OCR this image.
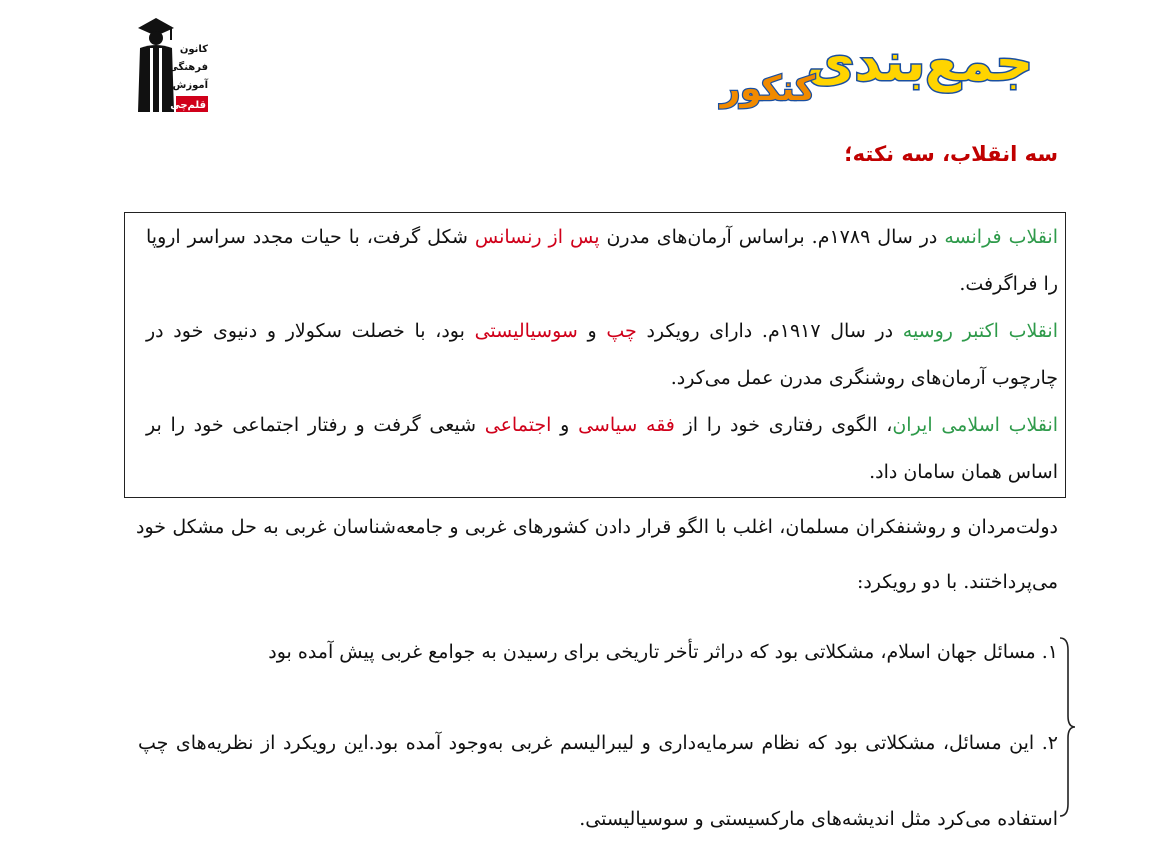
کانون
فرهنگی
آموزش
قلم‌چی
جمع‌بندی
کنکور
سه انقلاب، سه نکته؛

انقلاب فرانسه در سال ۱۷۸۹م. براساس آرمان‌های مدرن پس از رنسانس شکل گرفت، با حیات مجدد سراسر اروپا را فراگرفت.

انقلاب اکتبر روسیه در سال ۱۹۱۷م. دارای رویکرد چپ و سوسیالیستی بود، با خصلت سکولار و دنیوی خود در چارچوب آرمان‌های روشنگری مدرن عمل می‌کرد.

انقلاب اسلامی ایران، الگوی رفتاری خود را از فقه سیاسی و اجتماعی شیعی گرفت و رفتار اجتماعی خود را بر اساس همان سامان داد.

دولت‌مردان و روشنفکران مسلمان، اغلب با الگو قرار دادن کشورهای غربی و جامعه‌شناسان غربی به حل مشکل خود می‌پرداختند. با دو رویکرد:

۱. مسائل جهان اسلام، مشکلاتی بود که دراثر تأخر تاریخی برای رسیدن به جوامع غربی پیش آمده بود

۲. این مسائل، مشکلاتی بود که نظام سرمایه‌داری و لیبرالیسم غربی به‌وجود آمده بود.این رویکرد از نظریه‌های چپ استفاده می‌کرد مثل اندیشه‌های مارکسیستی و سوسیالیستی.
